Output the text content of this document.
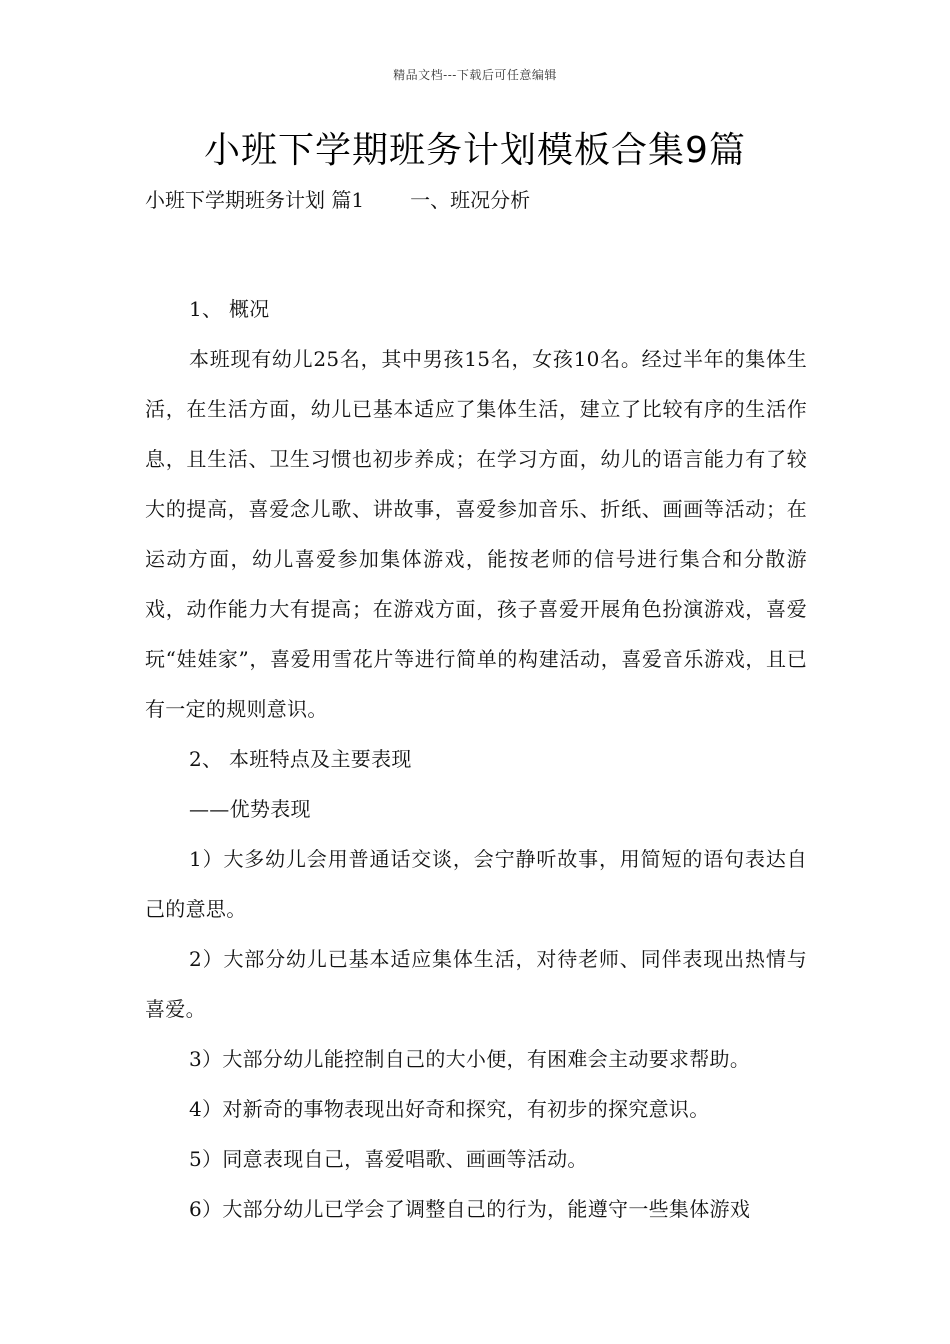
精品文档---下载后可任意编辑
小班下学期班务计划模板合集9篇
小班下学期班务计划 篇1 一、班况分析

1、 概况

本班现有幼儿25名，其中男孩15名，女孩10名。经过半年的集体生活，在生活方面，幼儿已基本适应了集体生活，建立了比较有序的生活作息，且生活、卫生习惯也初步养成；在学习方面，幼儿的语言能力有了较大的提高，喜爱念儿歌、讲故事，喜爱参加音乐、折纸、画画等活动；在运动方面，幼儿喜爱参加集体游戏，能按老师的信号进行集合和分散游戏，动作能力大有提高；在游戏方面，孩子喜爱开展角色扮演游戏，喜爱玩“娃娃家”，喜爱用雪花片等进行简单的构建活动，喜爱音乐游戏，且已有一定的规则意识。

2、 本班特点及主要表现

——优势表现

1）大多幼儿会用普通话交谈，会宁静听故事，用简短的语句表达自己的意思。

2）大部分幼儿已基本适应集体生活，对待老师、同伴表现出热情与喜爱。

3）大部分幼儿能控制自己的大小便，有困难会主动要求帮助。

4）对新奇的事物表现出好奇和探究，有初步的探究意识。

5）同意表现自己，喜爱唱歌、画画等活动。

6）大部分幼儿已学会了调整自己的行为，能遵守一些集体游戏
